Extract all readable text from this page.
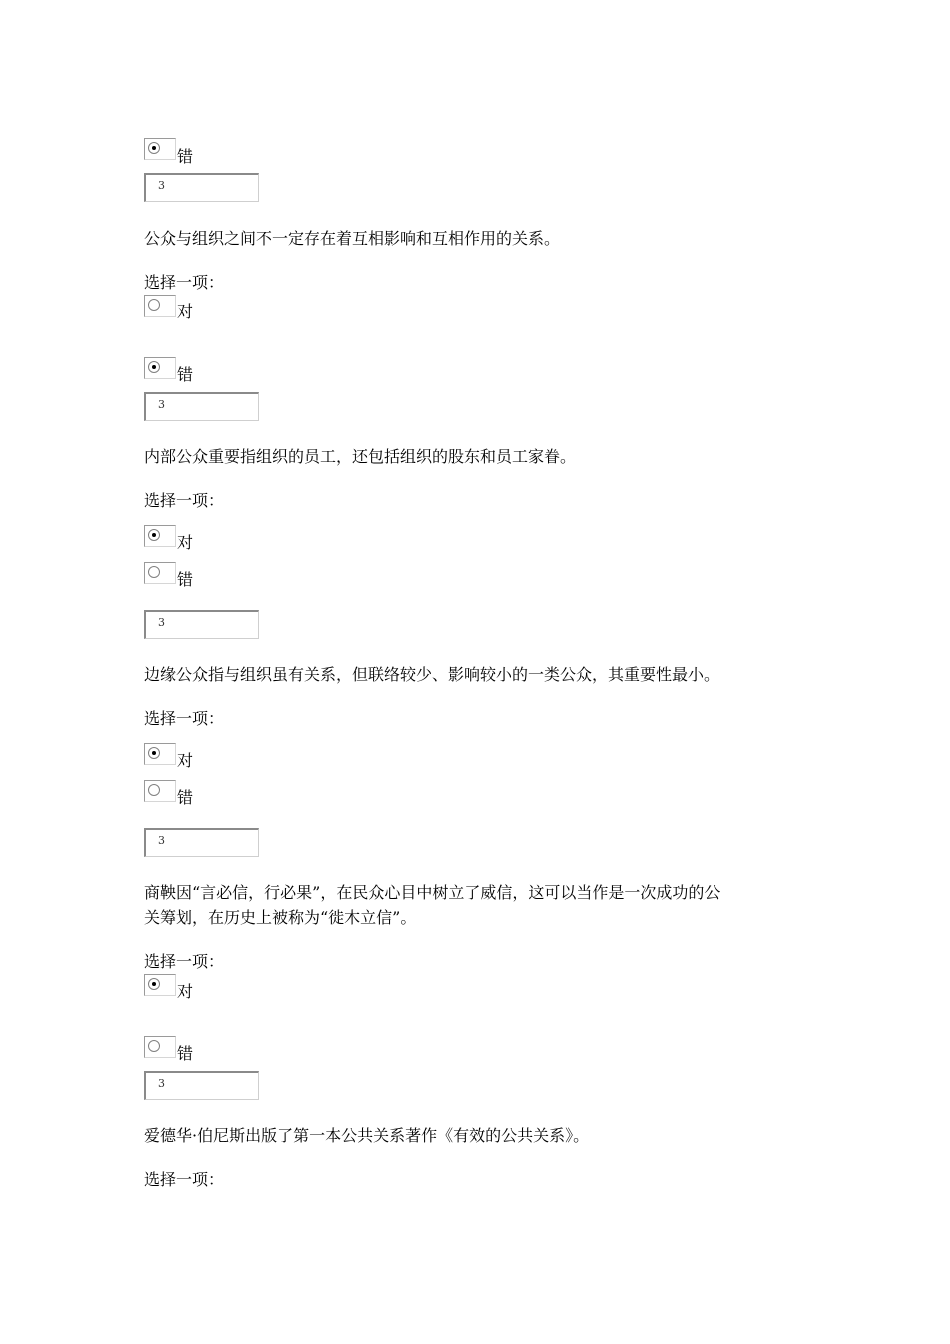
错
3
公众与组织之间不一定存在着互相影响和互相作用的关系。
选择一项：
对
错
3
内部公众重要指组织的员工，还包括组织的股东和员工家眷。
选择一项：
对
错
3
边缘公众指与组织虽有关系，但联络较少、影响较小的一类公众，其重要性最小。
选择一项：
对
错
3
商鞅因“言必信，行必果”，在民众心目中树立了威信，这可以当作是一次成功的公
关筹划，在历史上被称为“徙木立信”。
选择一项：
对
错
3
爱德华·伯尼斯出版了第一本公共关系著作《有效的公共关系》。
选择一项：
